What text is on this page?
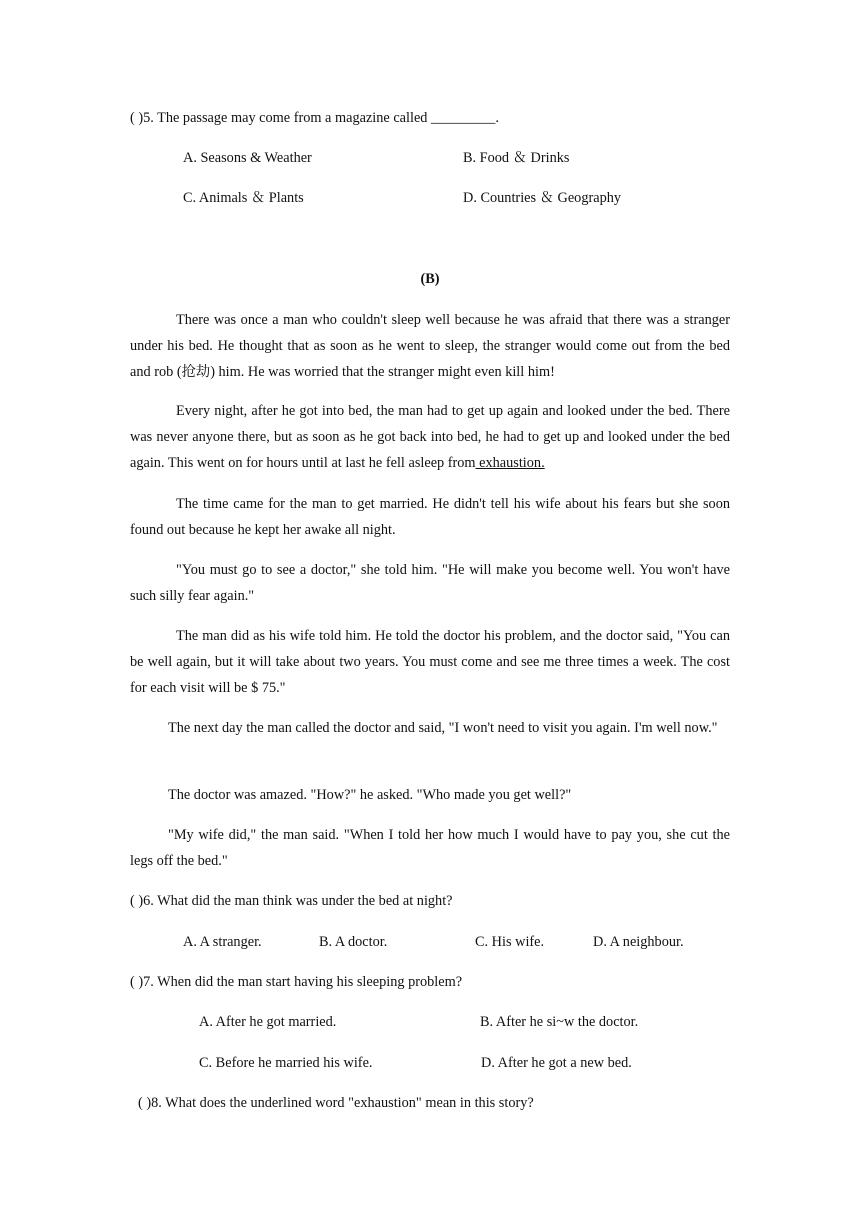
( )5. The passage may come from a magazine called _________.
A. Seasons & Weather	B. Food ＆ Drinks
C. Animals ＆ Plants	D. Countries ＆ Geography
(B)
There was once a man who couldn't sleep well because he was afraid that there was a stranger under his bed. He thought that as soon as he went to sleep, the stranger would come out from the bed and rob (抢劫) him. He was worried that the stranger might even kill him!
Every night, after he got into bed, the man had to get up again and looked under the bed. There was never anyone there, but as soon as he got back into bed, he had to get up and looked under the bed again. This went on for hours until at last he fell asleep from exhaustion.
The time came for the man to get married. He didn't tell his wife about his fears but she soon found out because he kept her awake all night.
"You must go to see a doctor," she told him. "He will make you become well. You won't have such silly fear again."
The man did as his wife told him. He told the doctor his problem, and the doctor said, "You can be well again, but it will take about two years. You must come and see me three times a week. The cost for each visit will be $ 75."
The next day the man called the doctor and said, "I won't need to visit you again. I'm well now."
The doctor was amazed. "How?" he asked. "Who made you get well?"
"My wife did," the man said. "When I told her how much I would have to pay you, she cut the legs off the bed."
( )6. What did the man think was under the bed at night?
A. A stranger.	B. A doctor.	C. His wife.	D. A neighbour.
( )7. When did the man start having his sleeping problem?
A. After he got married.	B. After he si~w the doctor.
C. Before he married his wife.	D. After he got a new bed.
( )8. What does the underlined word "exhaustion" mean in this story?
